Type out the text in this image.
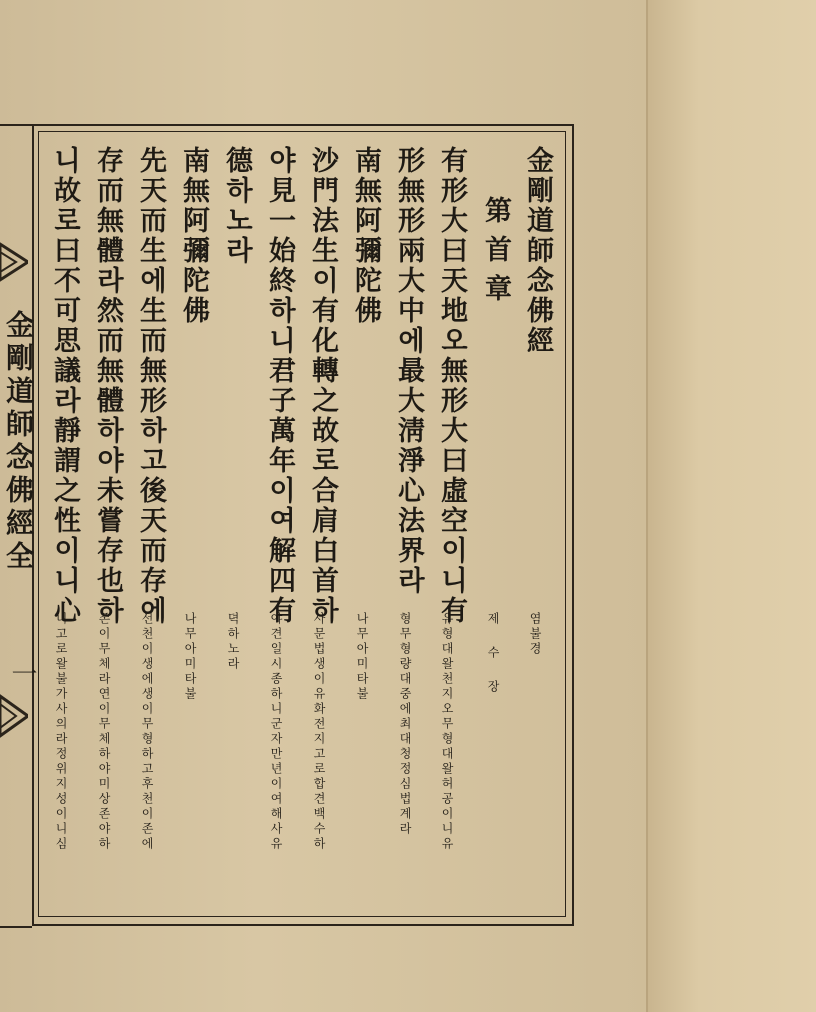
金剛道師念佛經全
一
金剛道師念佛經
第首章
有形大曰天地오無形大曰虛空이니有
形無形兩大中에最大淸淨心法界라
南無阿彌陀佛
沙門法生이有化轉之故로合肩白首하
야見一始終하니君子萬年이여解四有
德하노라
南無阿彌陀佛
先天而生에生而無形하고後天而存에
存而無體라然而無體하야未嘗存也하
니故로曰不可思議라靜謂之性이니心
염불경
제수장
유형대왈천지오무형대왈허공이니유
형무형량대중에최대청정심법계라
나무아미타불
사문법생이유화전지고로합견백수하
야견일시종하니군자만년이여해사유
뎍하노라
나무아미타불
선천이생에생이무형하고후천이존에
존이무체라연이무체하야미상존야하
니고로왈불가사의라정위지성이니심
